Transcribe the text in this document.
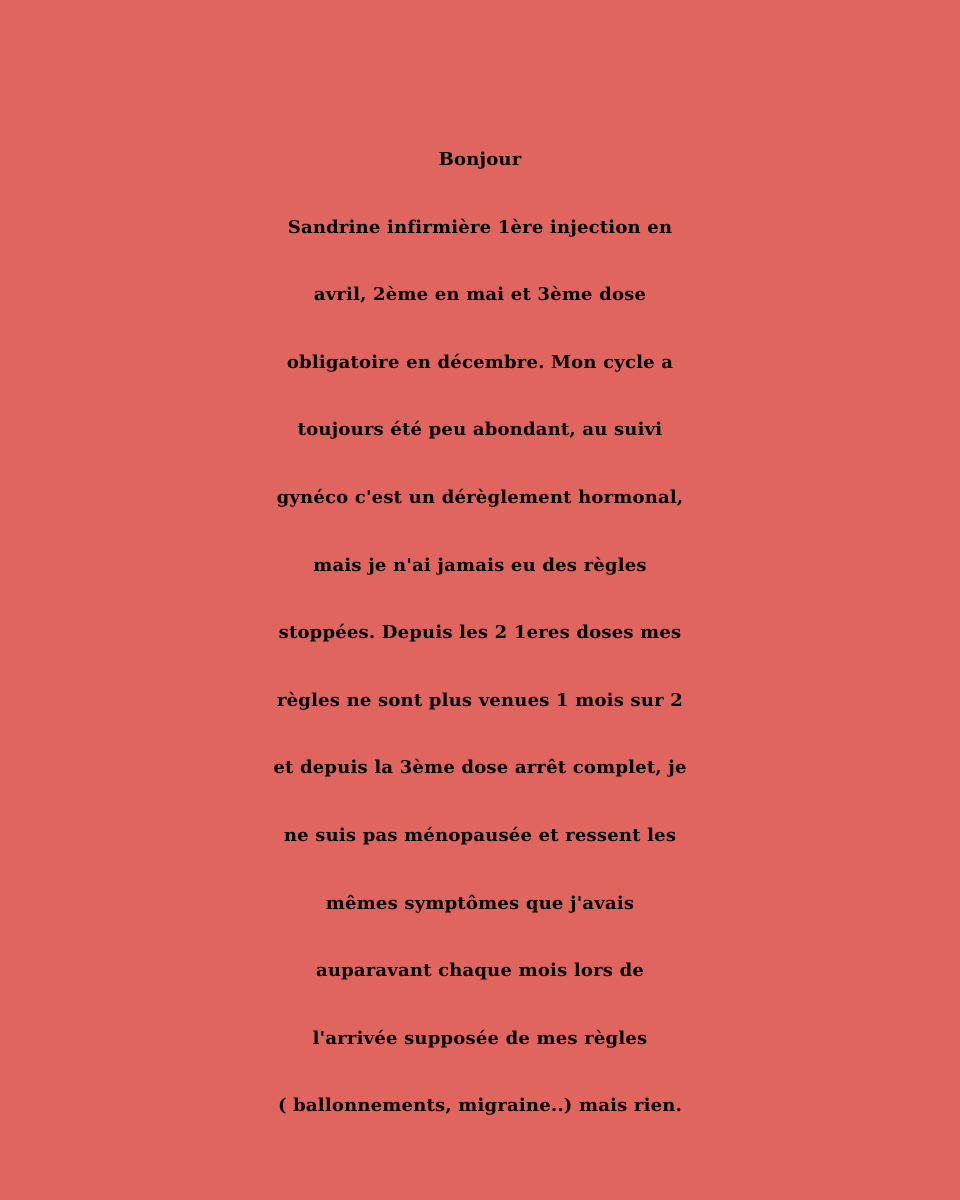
Bonjour
Sandrine infirmière 1ère injection en
avril, 2ème en mai et 3ème dose
obligatoire en décembre. Mon cycle a
toujours été peu abondant, au suivi
gynéco c'est un dérèglement hormonal,
mais je n'ai jamais eu des règles
stoppées. Depuis les 2 1eres doses mes
règles ne sont plus venues 1 mois sur 2
et depuis la 3ème dose arrêt complet, je
ne suis pas ménopausée et ressent les
mêmes symptômes que j'avais
auparavant chaque mois lors de
l'arrivée supposée de mes règles
( ballonnements, migraine..) mais rien.
